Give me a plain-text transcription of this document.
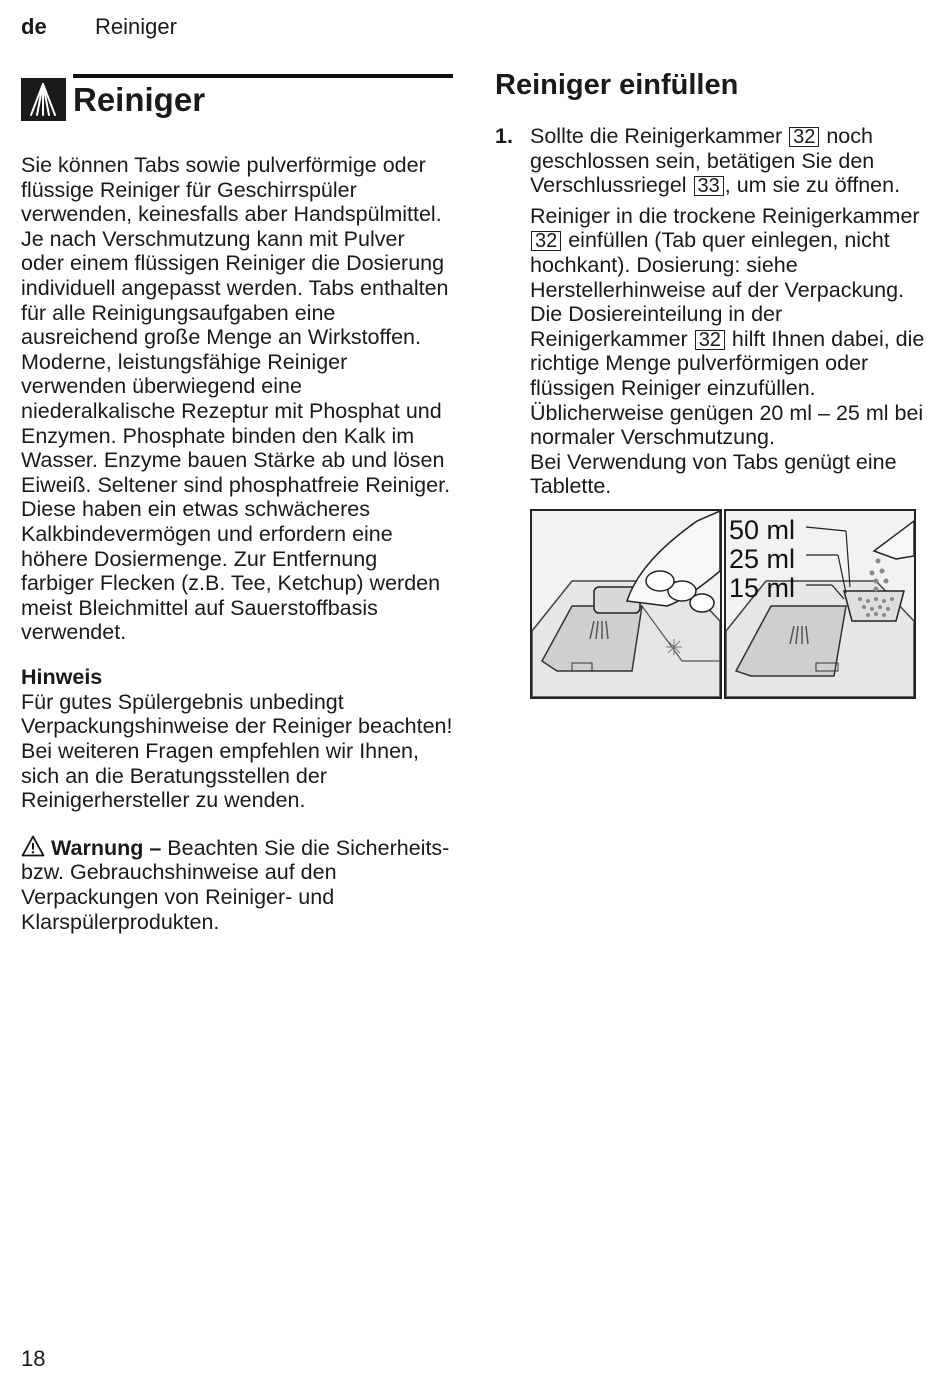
de Reiniger
Reiniger

Sie können Tabs sowie pulverförmige oder flüssige Reiniger für Geschirrspüler verwenden, keinesfalls aber Handspülmittel. Je nach Verschmutzung kann mit Pulver oder einem flüssigen Reiniger die Dosierung individuell angepasst werden. Tabs enthalten für alle Reinigungsaufgaben eine ausreichend große Menge an Wirkstoffen. Moderne, leistungsfähige Reiniger verwenden überwiegend eine niederalkalische Rezeptur mit Phosphat und Enzymen. Phosphate binden den Kalk im Wasser. Enzyme bauen Stärke ab und lösen Eiweiß. Seltener sind phosphatfreie Reiniger. Diese haben ein etwas schwächeres Kalkbindevermögen und erfordern eine höhere Dosiermenge. Zur Entfernung farbiger Flecken (z.B. Tee, Ketchup) werden meist Bleichmittel auf Sauerstoffbasis verwendet.

Hinweis

Für gutes Spülergebnis unbedingt Verpackungshinweise der Reiniger beachten!

Bei weiteren Fragen empfehlen wir Ihnen, sich an die Beratungsstellen der Reinigerhersteller zu wenden.

Warnung – Beachten Sie die Sicherheits- bzw. Gebrauchshinweise auf den Verpackungen von Reiniger- und Klarspülerprodukten.

Reiniger einfüllen
1. Sollte die Reinigerkammer 32 noch geschlossen sein, betätigen Sie den Verschlussriegel 33 , um sie zu öffnen.

Reiniger in die trockene Reinigerkammer 32 einfüllen (Tab quer einlegen, nicht hochkant). Dosierung: siehe Herstellerhinweise auf der Verpackung.
Die Dosiereinteilung in der Reinigerkammer 32 hilft Ihnen dabei, die richtige Menge pulverförmigen oder flüssigen Reiniger einzufüllen.
Üblicherweise genügen 20 ml – 25 ml bei normaler Verschmutzung.
Bei Verwendung von Tabs genügt eine Tablette.

50 ml
25 ml
15 ml
18
